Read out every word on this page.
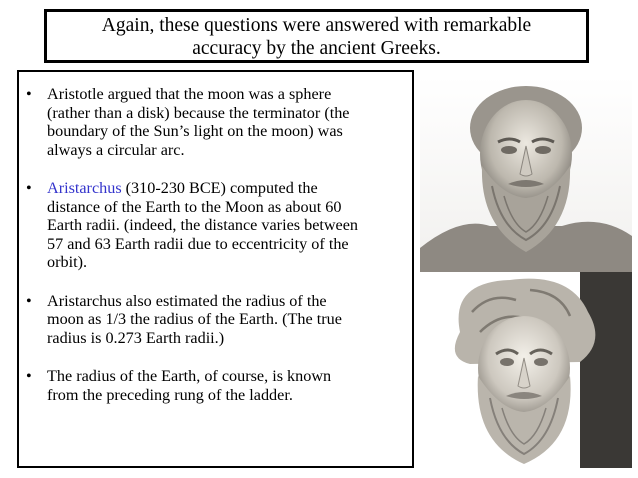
Again, these questions were answered with remarkable
accuracy by the ancient Greeks.
• Aristotle argued that the moon was a sphere
(rather than a disk) because the terminator (the
boundary of the Sun’s light on the moon) was
always a circular arc.
• Aristarchus (310-230 BCE) computed the
distance of the Earth to the Moon as about 60
Earth radii. (indeed, the distance varies between
57 and 63 Earth radii due to eccentricity of the
orbit).
• Aristarchus also estimated the radius of the
moon as 1/3 the radius of the Earth. (The true
radius is 0.273 Earth radii.)
• The radius of the Earth, of course, is known
from the preceding rung of the ladder.
